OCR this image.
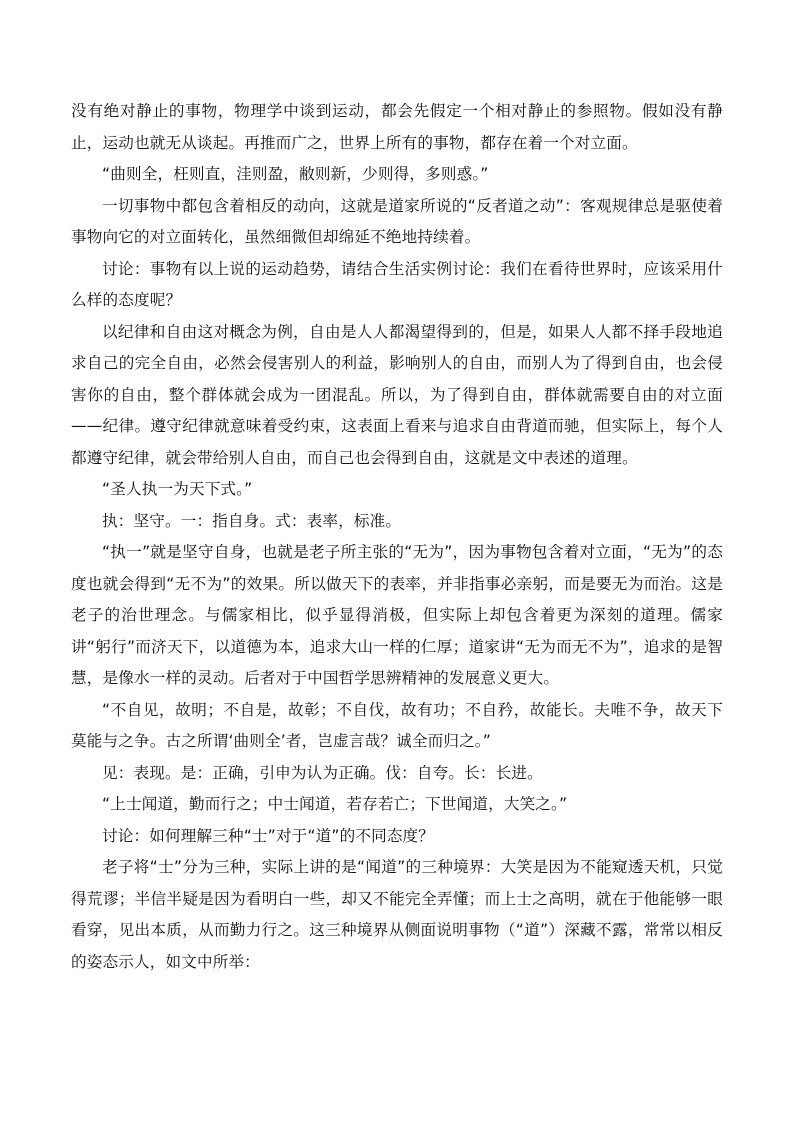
没有绝对静止的事物，物理学中谈到运动，都会先假定一个相对静止的参照物。假如没有静止，运动也就无从谈起。再推而广之，世界上所有的事物，都存在着一个对立面。

“曲则全，枉则直，洼则盈，敝则新，少则得，多则惑。”

一切事物中都包含着相反的动向，这就是道家所说的“反者道之动”：客观规律总是驱使着事物向它的对立面转化，虽然细微但却绵延不绝地持续着。

讨论：事物有以上说的运动趋势，请结合生活实例讨论：我们在看待世界时，应该采用什么样的态度呢？

以纪律和自由这对概念为例，自由是人人都渴望得到的，但是，如果人人都不择手段地追求自己的完全自由，必然会侵害别人的利益，影响别人的自由，而别人为了得到自由，也会侵害你的自由，整个群体就会成为一团混乱。所以，为了得到自由，群体就需要自由的对立面——纪律。遵守纪律就意味着受约束，这表面上看来与追求自由背道而驰，但实际上，每个人都遵守纪律，就会带给别人自由，而自己也会得到自由，这就是文中表述的道理。

“圣人执一为天下式。”

执：坚守。一：指自身。式：表率，标准。

“执一”就是坚守自身，也就是老子所主张的“无为”，因为事物包含着对立面，“无为”的态度也就会得到“无不为”的效果。所以做天下的表率，并非指事必亲躬，而是要无为而治。这是老子的治世理念。与儒家相比，似乎显得消极，但实际上却包含着更为深刻的道理。儒家讲“躬行”而济天下，以道德为本，追求大山一样的仁厚；道家讲“无为而无不为”，追求的是智慧，是像水一样的灵动。后者对于中国哲学思辨精神的发展意义更大。

“不自见，故明；不自是，故彰；不自伐，故有功；不自矜，故能长。夫唯不争，故天下莫能与之争。古之所谓‘曲则全’者，岂虚言哉？诚全而归之。”

见：表现。是：正确，引申为认为正确。伐：自夸。长：长进。

“上士闻道，勤而行之；中士闻道，若存若亡；下世闻道，大笑之。”

讨论：如何理解三种“士”对于“道”的不同态度？

老子将“士”分为三种，实际上讲的是“闻道”的三种境界：大笑是因为不能窥透天机，只觉得荒谬；半信半疑是因为看明白一些，却又不能完全弄懂；而上士之高明，就在于他能够一眼看穿，见出本质，从而勤力行之。这三种境界从侧面说明事物（“道”）深藏不露，常常以相反的姿态示人，如文中所举：
